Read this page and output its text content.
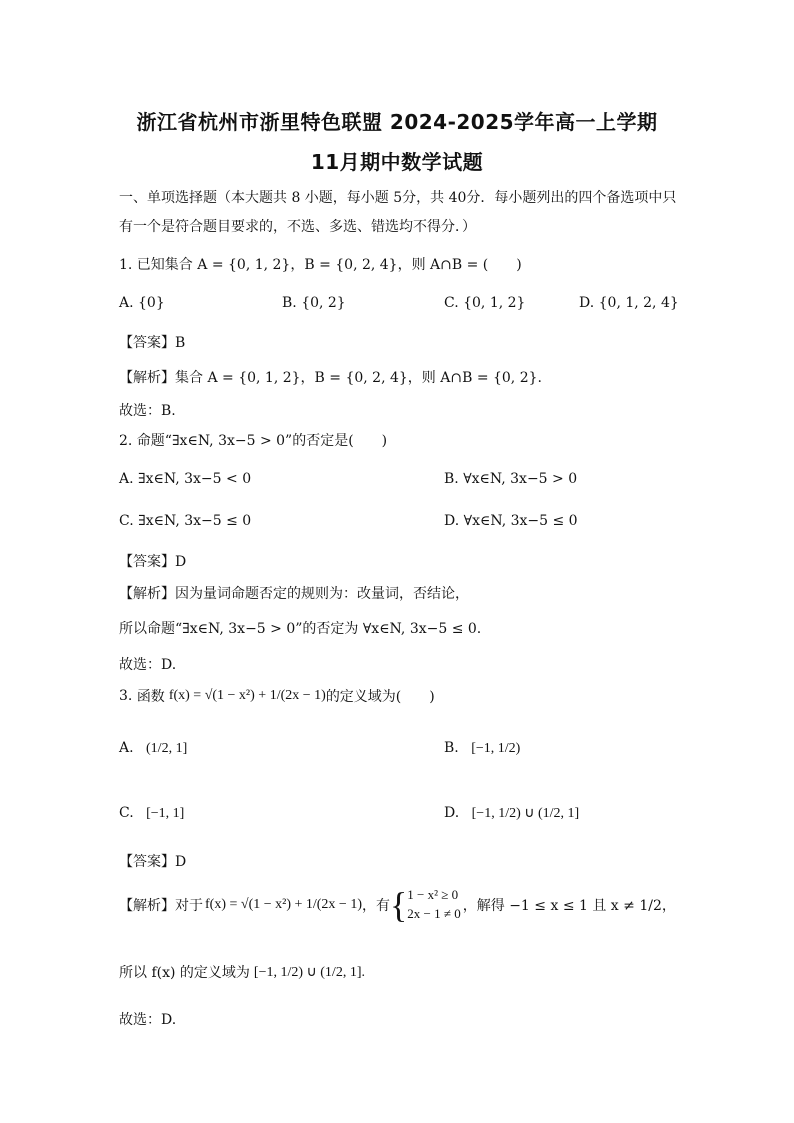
浙江省杭州市浙里特色联盟 2024-2025学年高一上学期
11月期中数学试题
一、单项选择题（本大题共 8 小题，每小题 5分，共 40分．每小题列出的四个备选项中只
有一个是符合题目要求的，不选、多选、错选均不得分．）
1. 已知集合 A = {0, 1, 2}，B = {0, 2, 4}，则 A∩B = (　　)
A. {0}	B. {0, 2}	C. {0, 1, 2}	D. {0, 1, 2, 4}
【答案】B
【解析】集合 A = {0, 1, 2}，B = {0, 2, 4}，则 A∩B = {0, 2}.
故选：B.
2. 命题“∃x∈N, 3x−5 > 0”的否定是(　　)
A. ∃x∈N, 3x−5 < 0	B. ∀x∈N, 3x−5 > 0
C. ∃x∈N, 3x−5 ≤ 0	D. ∀x∈N, 3x−5 ≤ 0
【答案】D
【解析】因为量词命题否定的规则为：改量词，否结论，
所以命题“∃x∈N, 3x−5 > 0”的否定为 ∀x∈N, 3x−5 ≤ 0.
故选：D.
3.
函数 f(x) = √(1 − x²) + 1/(2x − 1) 的定义域为(　　)
A. (1/2, 1]	B. [−1, 1/2)
C. [−1, 1]	D. [−1, 1/2) ∪ (1/2, 1]
【答案】D
【解析】对于 f(x) = √(1 − x²) + 1/(2x − 1) ，有 { 1 − x² ≥ 0
2x − 1 ≠ 0 ，解得 −1 ≤ x ≤ 1 且 x ≠ 1/2，
所以 f(x) 的定义域为 [−1, 1/2) ∪ (1/2, 1].
故选：D.
